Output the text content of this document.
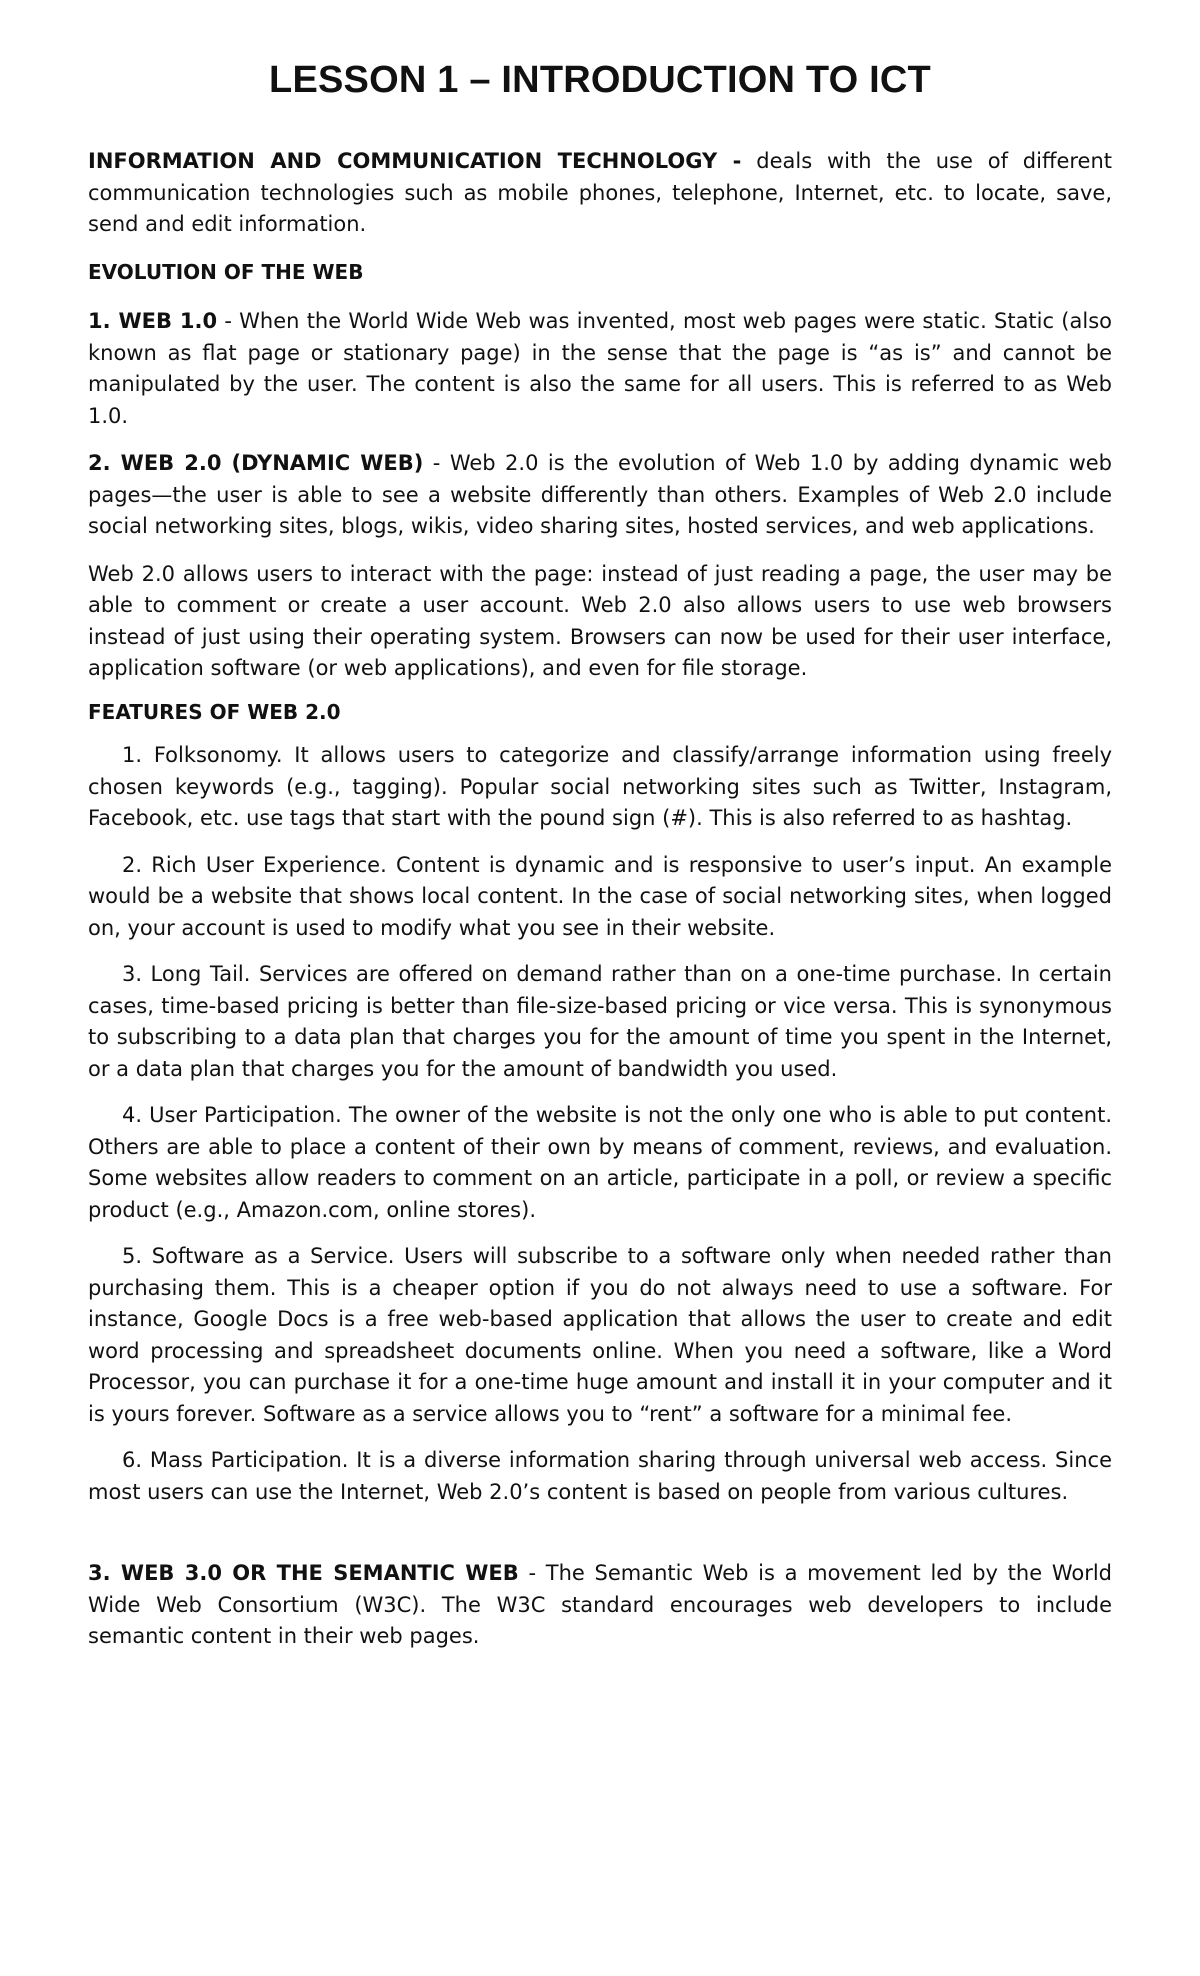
LESSON 1 – INTRODUCTION TO ICT

INFORMATION AND COMMUNICATION TECHNOLOGY - deals with the use of different communication technologies such as mobile phones, telephone, Internet, etc. to locate, save, send and edit information.

EVOLUTION OF THE WEB

1. WEB 1.0 - When the World Wide Web was invented, most web pages were static. Static (also known as flat page or stationary page) in the sense that the page is “as is” and cannot be manipulated by the user. The content is also the same for all users. This is referred to as Web 1.0.

2. WEB 2.0 (DYNAMIC WEB) - Web 2.0 is the evolution of Web 1.0 by adding dynamic web pages—the user is able to see a website differently than others. Examples of Web 2.0 include social networking sites, blogs, wikis, video sharing sites, hosted services, and web applications.

Web 2.0 allows users to interact with the page: instead of just reading a page, the user may be able to comment or create a user account. Web 2.0 also allows users to use web browsers instead of just using their operating system. Browsers can now be used for their user interface, application software (or web applications), and even for file storage.

FEATURES OF WEB 2.0

1. Folksonomy. It allows users to categorize and classify/arrange information using freely chosen keywords (e.g., tagging). Popular social networking sites such as Twitter, Instagram, Facebook, etc. use tags that start with the pound sign (#). This is also referred to as hashtag.

2. Rich User Experience. Content is dynamic and is responsive to user’s input. An example would be a website that shows local content. In the case of social networking sites, when logged on, your account is used to modify what you see in their website.

3. Long Tail. Services are offered on demand rather than on a one-time purchase. In certain cases, time-based pricing is better than file-size-based pricing or vice versa. This is synonymous to subscribing to a data plan that charges you for the amount of time you spent in the Internet, or a data plan that charges you for the amount of bandwidth you used.

4. User Participation. The owner of the website is not the only one who is able to put content. Others are able to place a content of their own by means of comment, reviews, and evaluation. Some websites allow readers to comment on an article, participate in a poll, or review a specific product (e.g., Amazon.com, online stores).

5. Software as a Service. Users will subscribe to a software only when needed rather than purchasing them. This is a cheaper option if you do not always need to use a software. For instance, Google Docs is a free web-based application that allows the user to create and edit word processing and spreadsheet documents online. When you need a software, like a Word Processor, you can purchase it for a one-time huge amount and install it in your computer and it is yours forever. Software as a service allows you to “rent” a software for a minimal fee.

6. Mass Participation. It is a diverse information sharing through universal web access. Since most users can use the Internet, Web 2.0’s content is based on people from various cultures.

3. WEB 3.0 OR THE SEMANTIC WEB - The Semantic Web is a movement led by the World Wide Web Consortium (W3C). The W3C standard encourages web developers to include semantic content in their web pages.
